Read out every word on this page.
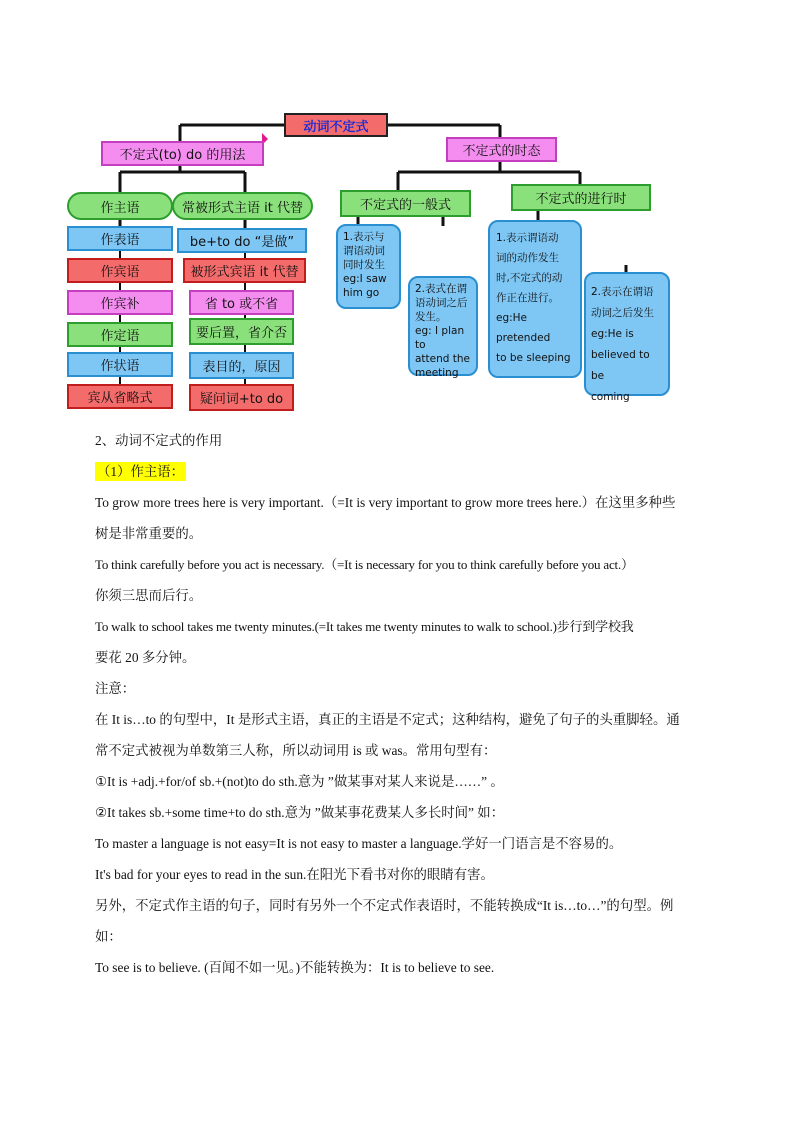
动词不定式
不定式(to) do 的用法	不定式的时态
作主语
作表语
作宾语
作宾补
作定语
作状语
宾从省略式
常被形式主语 it 代替
be+to do “是做”
被形式宾语 it 代替
省 to 或不省
要后置，省介否
表目的，原因
疑问词+to do
不定式的一般式	不定式的进行时
1.表示与
谓语动词
同时发生
eg:I saw
him go	2.表式在谓
语动词之后
发生。
eg: I plan to
attend the
meeting
1.表示谓语动
词的动作发生
时,不定式的动
作正在进行。
eg:He
pretended
to be sleeping
2.表示在谓语
动词之后发生
eg:He is
believed to be
coming

2、动词不定式的作用

（1）作主语：

To grow more trees here is very important.（=It is very important to grow more trees here.）在这里多种些

树是非常重要的。

To think carefully before you act is necessary.（=It is necessary for you to think carefully before you act.）

你须三思而后行。

To walk to school takes me twenty minutes.(=It takes me twenty minutes to walk to school.)步行到学校我

要花 20 多分钟。

注意：

在 It is…to 的句型中，It 是形式主语，真正的主语是不定式；这种结构，避免了句子的头重脚轻。通

常不定式被视为单数第三人称，所以动词用 is 或 was。常用句型有：

①It is +adj.+for/of sb.+(not)to do sth.意为 ”做某事对某人来说是……” 。

②It takes sb.+some time+to do sth.意为 ”做某事花费某人多长时间” 如：

To master a language is not easy=It is not easy to master a language.学好一门语言是不容易的。

It's bad for your eyes to read in the sun.在阳光下看书对你的眼睛有害。

另外，不定式作主语的句子，同时有另外一个不定式作表语时，不能转换成“It is…to…”的句型。例

如：

To see is to believe. (百闻不如一见。)不能转换为：It is to believe to see.
